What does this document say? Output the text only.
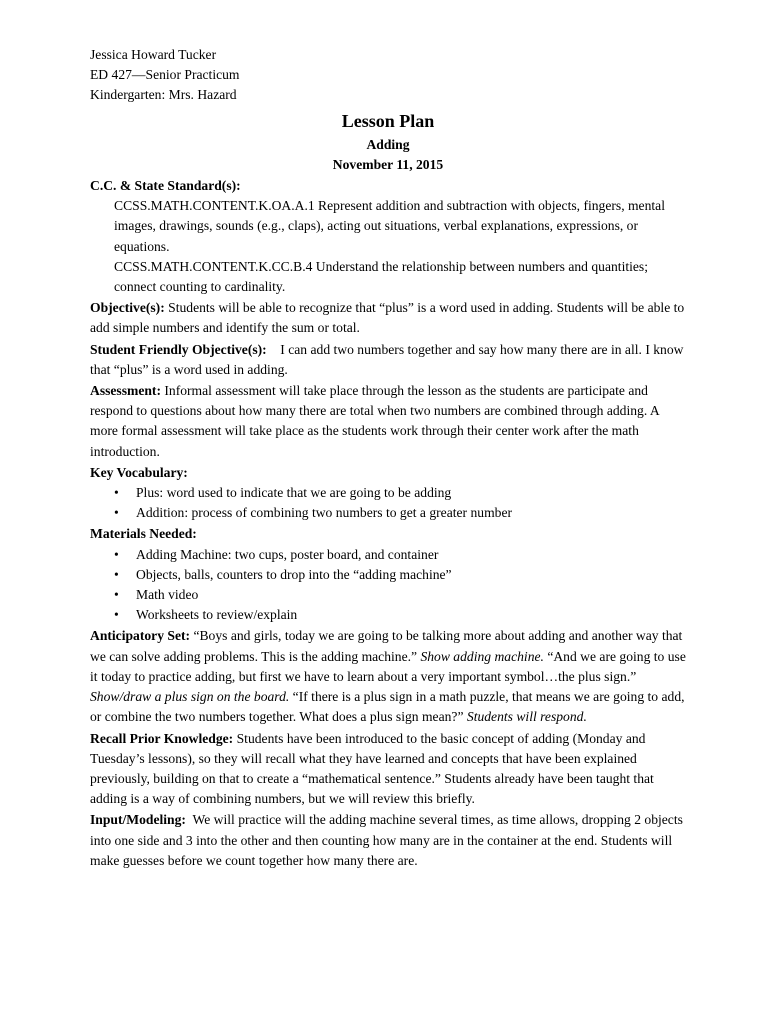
Jessica Howard Tucker

ED 427—Senior Practicum

Kindergarten: Mrs. Hazard

Lesson Plan

Adding

November 11, 2015

C.C. & State Standard(s):

CCSS.MATH.CONTENT.K.OA.A.1 Represent addition and subtraction with objects, fingers, mental images, drawings, sounds (e.g., claps), acting out situations, verbal explanations, expressions, or equations.

CCSS.MATH.CONTENT.K.CC.B.4 Understand the relationship between numbers and quantities; connect counting to cardinality.

Objective(s): Students will be able to recognize that “plus” is a word used in adding. Students will be able to add simple numbers and identify the sum or total.

Student Friendly Objective(s):    I can add two numbers together and say how many there are in all. I know that “plus” is a word used in adding.

Assessment: Informal assessment will take place through the lesson as the students are participate and respond to questions about how many there are total when two numbers are combined through adding. A more formal assessment will take place as the students work through their center work after the math introduction.

Key Vocabulary:

• Plus: word used to indicate that we are going to be adding
• Addition: process of combining two numbers to get a greater number

Materials Needed:

• Adding Machine: two cups, poster board, and container
• Objects, balls, counters to drop into the “adding machine”
• Math video
• Worksheets to review/explain

Anticipatory Set: “Boys and girls, today we are going to be talking more about adding and another way that we can solve adding problems. This is the adding machine.” Show adding machine. “And we are going to use it today to practice adding, but first we have to learn about a very important symbol…the plus sign.” Show/draw a plus sign on the board. “If there is a plus sign in a math puzzle, that means we are going to add, or combine the two numbers together. What does a plus sign mean?” Students will respond.

Recall Prior Knowledge: Students have been introduced to the basic concept of adding (Monday and Tuesday’s lessons), so they will recall what they have learned and concepts that have been explained previously, building on that to create a “mathematical sentence.” Students already have been taught that adding is a way of combining numbers, but we will review this briefly.

Input/Modeling:  We will practice will the adding machine several times, as time allows, dropping 2 objects into one side and 3 into the other and then counting how many are in the container at the end. Students will make guesses before we count together how many there are.
